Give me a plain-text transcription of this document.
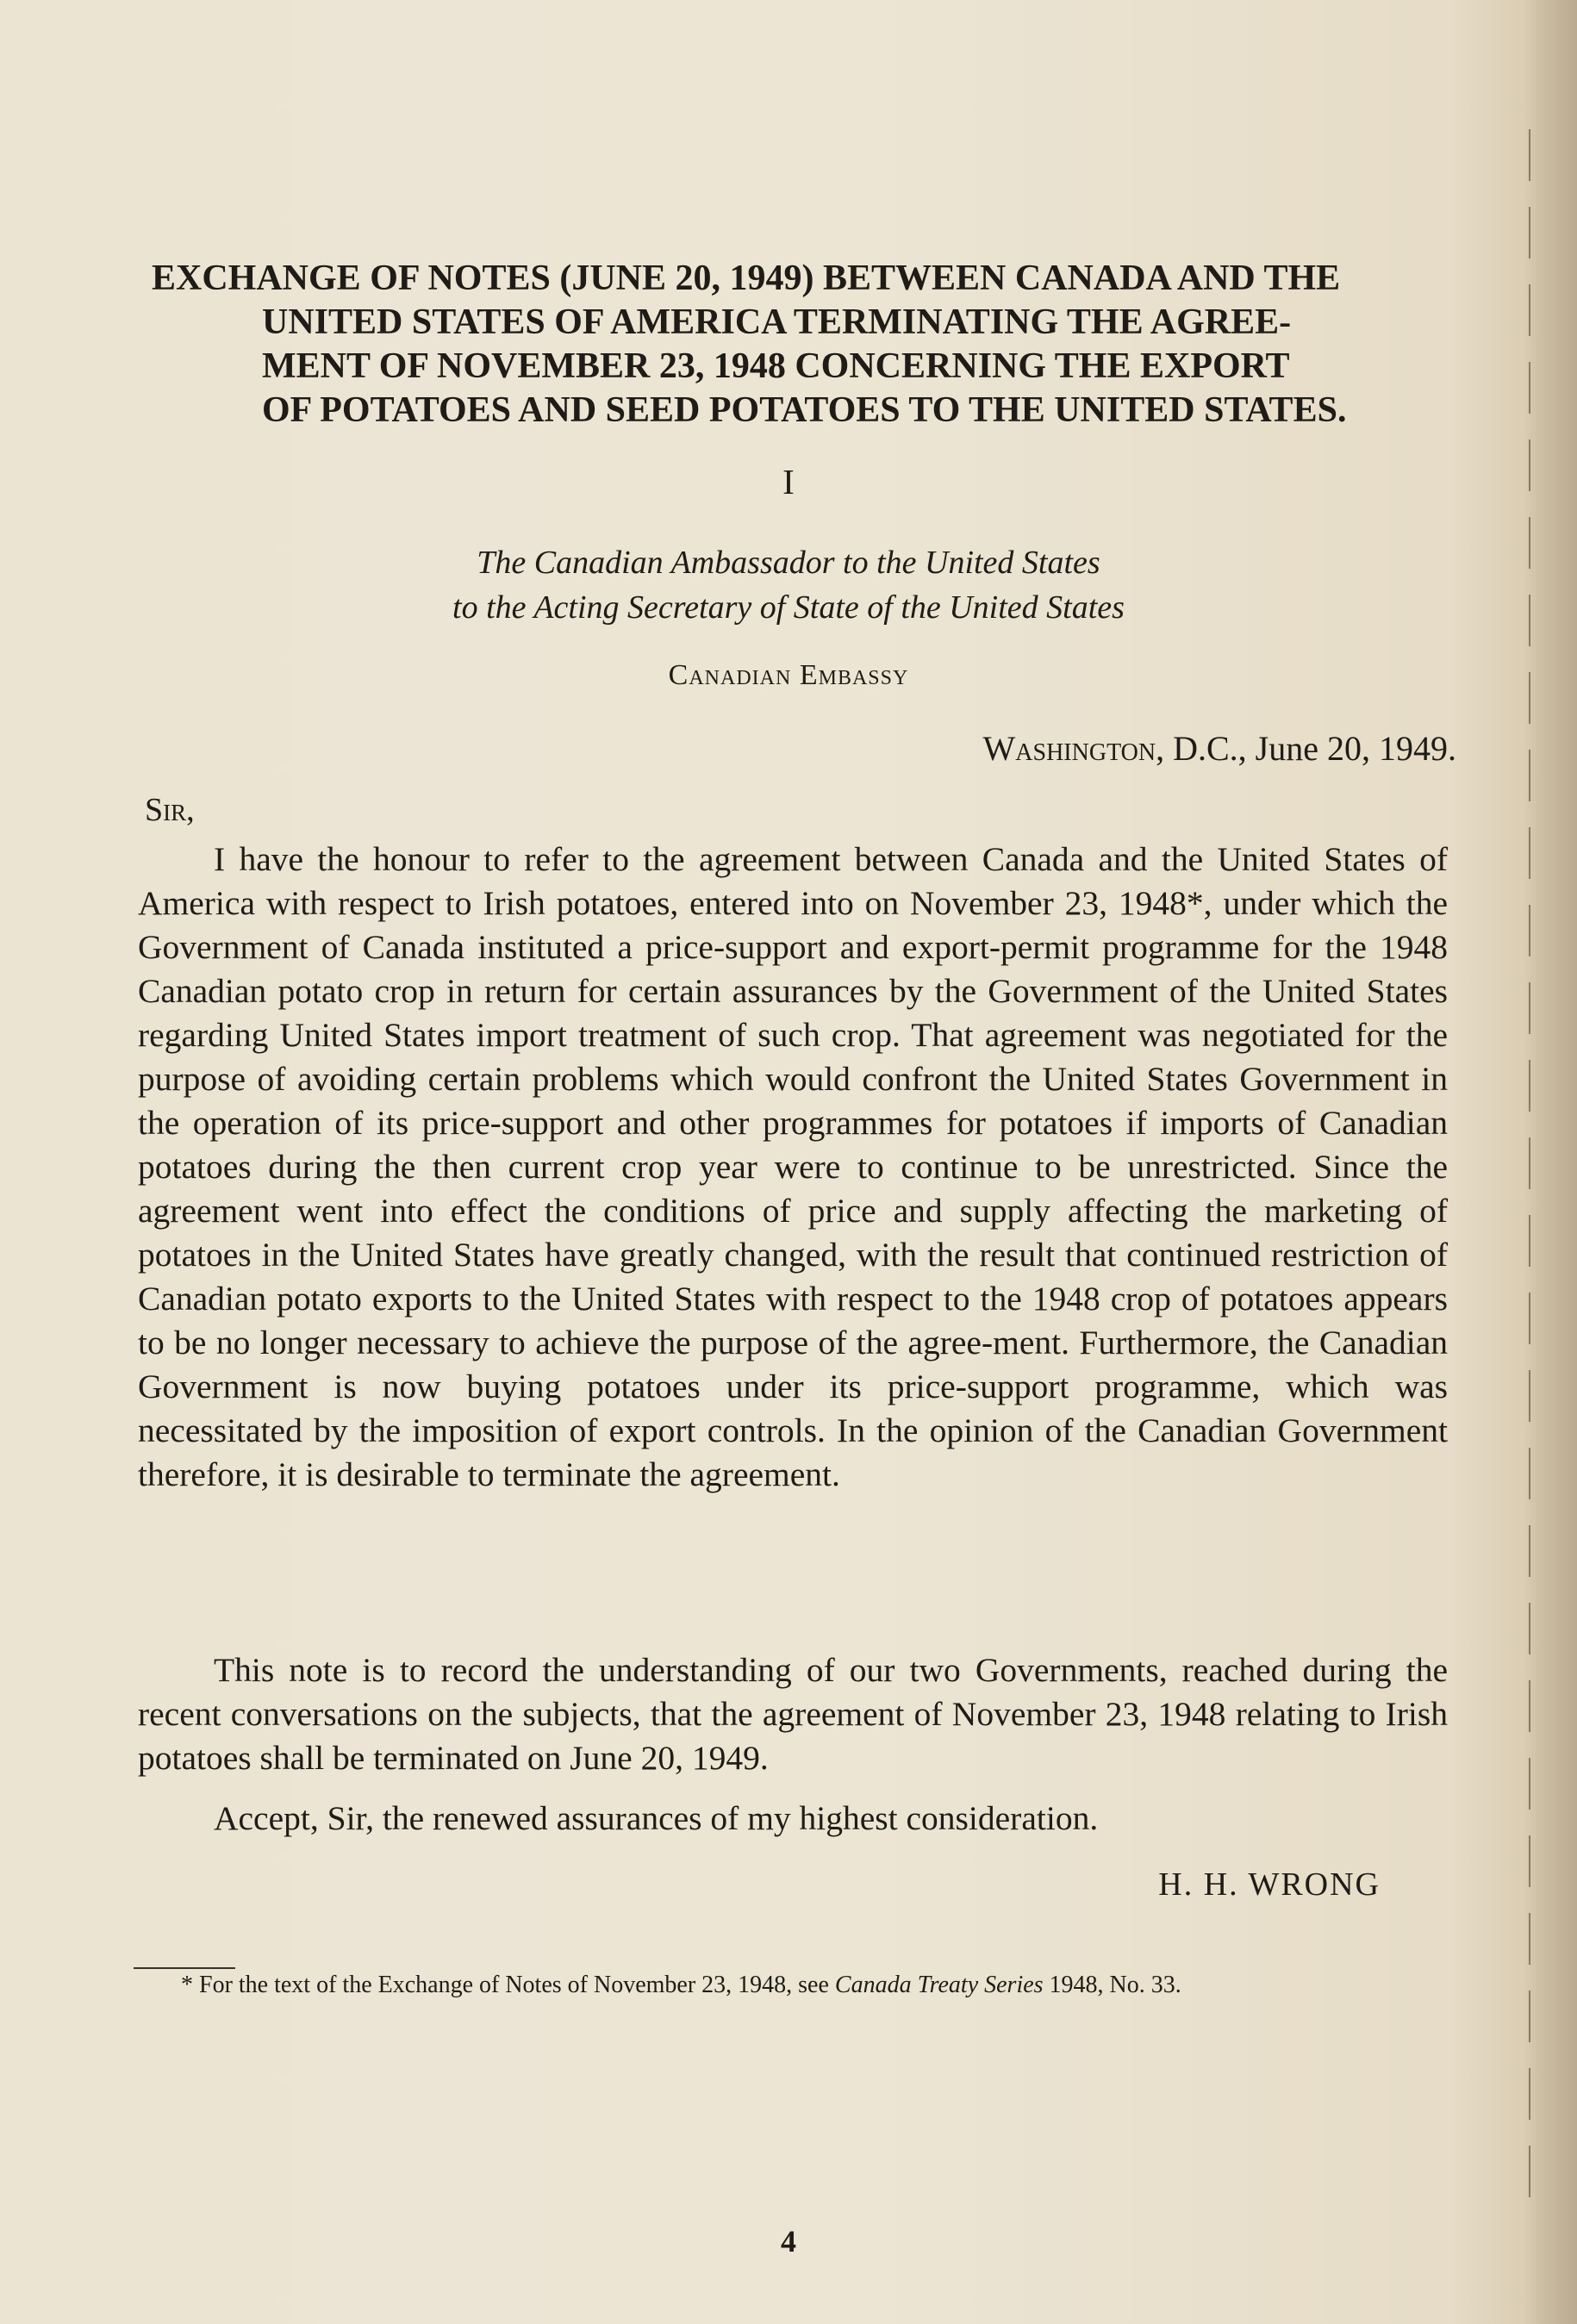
EXCHANGE OF NOTES (JUNE 20, 1949) BETWEEN CANADA AND THE
UNITED STATES OF AMERICA TERMINATING THE AGREE-
MENT OF NOVEMBER 23, 1948 CONCERNING THE EXPORT
OF POTATOES AND SEED POTATOES TO THE UNITED STATES.
I
The Canadian Ambassador to the United States
to the Acting Secretary of State of the United States
Canadian Embassy
Washington, D.C., June 20, 1949.
Sir,

I have the honour to refer to the agreement between Canada and the United States of America with respect to Irish potatoes, entered into on November 23, 1948*, under which the Government of Canada instituted a price-support and export-permit programme for the 1948 Canadian potato crop in return for certain assurances by the Government of the United States regarding United States import treatment of such crop. That agreement was negotiated for the purpose of avoiding certain problems which would confront the United States Government in the operation of its price-support and other programmes for potatoes if imports of Canadian potatoes during the then current crop year were to continue to be unrestricted. Since the agreement went into effect the conditions of price and supply affecting the marketing of potatoes in the United States have greatly changed, with the result that continued restriction of Canadian potato exports to the United States with respect to the 1948 crop of potatoes appears to be no longer necessary to achieve the purpose of the agree-ment. Furthermore, the Canadian Government is now buying potatoes under its price-support programme, which was necessitated by the imposition of export controls. In the opinion of the Canadian Government therefore, it is desirable to terminate the agreement.

This note is to record the understanding of our two Governments, reached during the recent conversations on the subjects, that the agreement of November 23, 1948 relating to Irish potatoes shall be terminated on June 20, 1949.

Accept, Sir, the renewed assurances of my highest consideration.

H. H. WRONG
* For the text of the Exchange of Notes of November 23, 1948, see Canada Treaty Series 1948, No. 33.
4
